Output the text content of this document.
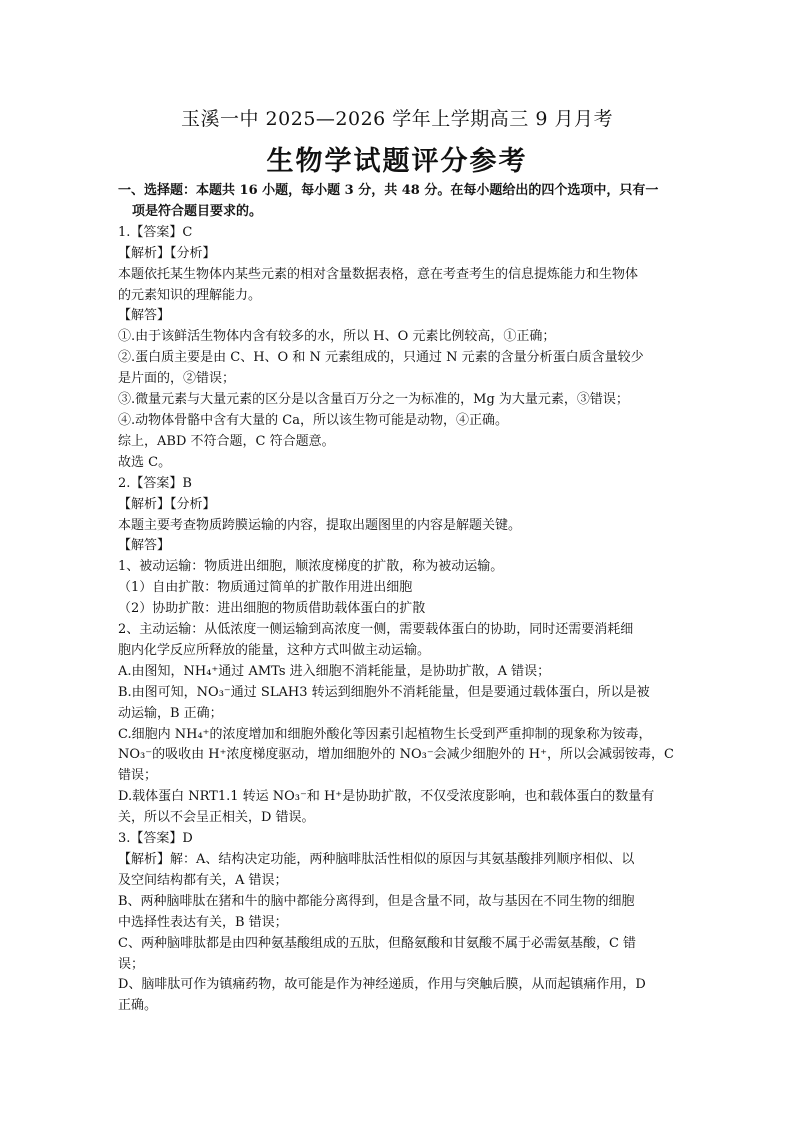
玉溪一中 2025—2026 学年上学期高三 9 月月考
生物学试题评分参考
一、选择题：本题共 16 小题，每小题 3 分，共 48 分。在每小题给出的四个选项中，只有一
项是符合题目要求的。
1.【答案】C
【解析】【分析】
本题依托某生物体内某些元素的相对含量数据表格，意在考查考生的信息提炼能力和生物体
的元素知识的理解能力。
【解答】
①.由于该鲜活生物体内含有较多的水，所以 H、O 元素比例较高，①正确；
②.蛋白质主要是由 C、H、O 和 N 元素组成的，只通过 N 元素的含量分析蛋白质含量较少
是片面的，②错误；
③.微量元素与大量元素的区分是以含量百万分之一为标准的，Mg 为大量元素，③错误；
④.动物体骨骼中含有大量的 Ca，所以该生物可能是动物，④正确。
综上，ABD 不符合题，C 符合题意。
故选 C。
2.【答案】B
【解析】【分析】
本题主要考查物质跨膜运输的内容，提取出题图里的内容是解题关键。
【解答】
1、被动运输：物质进出细胞，顺浓度梯度的扩散，称为被动运输。
（1）自由扩散：物质通过简单的扩散作用进出细胞
（2）协助扩散：进出细胞的物质借助载体蛋白的扩散
2、主动运输：从低浓度一侧运输到高浓度一侧，需要载体蛋白的协助，同时还需要消耗细
胞内化学反应所释放的能量，这种方式叫做主动运输。
A.由图知，NH₄⁺通过 AMTs 进入细胞不消耗能量，是协助扩散，A 错误；
B.由图可知，NO₃⁻通过 SLAH3 转运到细胞外不消耗能量，但是要通过载体蛋白，所以是被
动运输，B 正确；
C.细胞内 NH₄⁺的浓度增加和细胞外酸化等因素引起植物生长受到严重抑制的现象称为铵毒，
NO₃⁻的吸收由 H⁺浓度梯度驱动，增加细胞外的 NO₃⁻会减少细胞外的 H⁺，所以会减弱铵毒，C
错误；
D.载体蛋白 NRT1.1 转运 NO₃⁻和 H⁺是协助扩散，不仅受浓度影响，也和载体蛋白的数量有
关，所以不会呈正相关，D 错误。
3.【答案】D
【解析】解：A、结构决定功能，两种脑啡肽活性相似的原因与其氨基酸排列顺序相似、以
及空间结构都有关，A 错误；
B、两种脑啡肽在猪和牛的脑中都能分离得到，但是含量不同，故与基因在不同生物的细胞
中选择性表达有关，B 错误；
C、两种脑啡肽都是由四种氨基酸组成的五肽，但酪氨酸和甘氨酸不属于必需氨基酸，C 错
误；
D、脑啡肽可作为镇痛药物，故可能是作为神经递质，作用与突触后膜，从而起镇痛作用，D
正确。
